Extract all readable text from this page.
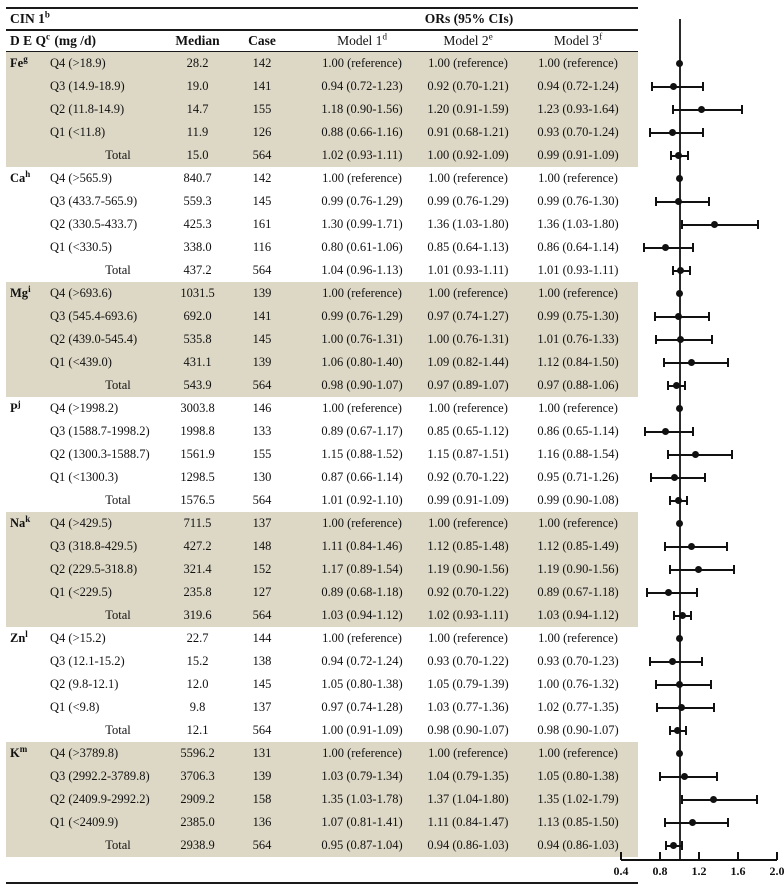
CIN 1$^b$	ORs (95% CIs)
D E $Q^c$ (mg /d)	Median	Case	Model 1$^d$	Model 2e	Model 3$^f$
Fe$^g$	Q4 (>18.9)	28.2	142	1.00 (reference)	1.00 (reference)	1.00 (reference)
Q3 (14.9-18.9)	19.0	141	0.94 (0.72-1.23)	0.92 (0.70-1.21)	0.94 (0.72-1.24)
Q2 (11.8-14.9)	14.7	155	1.18 (0.90-1.56)	1.20 (0.91-1.59)	1.23 (0.93-1.64)
Q1 (<11.8)	11.9	126	0.88 (0.66-1.16)	0.91 (0.68-1.21)	0.93 (0.70-1.24)
Total	15.0	564	1.02 (0.93-1.11)	1.00 (0.92-1.09)	0.99 (0.91-1.09)
Ca$^h$	Q4 (>565.9)	840.7	142	1.00 (reference)	1.00 (reference)	1.00 (reference)
Q3 (433.7-565.9)	559.3	145	0.99 (0.76-1.29)	0.99 (0.76-1.29)	0.99 (0.76-1.30)
Q2 (330.5-433.7)	425.3	161	1.30 (0.99-1.71)	1.36 (1.03-1.80)	1.36 (1.03-1.80)
Q1 (<330.5)	338.0	116	0.80 (0.61-1.06)	0.85 (0.64-1.13)	0.86 (0.64-1.14)
Total	437.2	564	1.04 (0.96-1.13)	1.01 (0.93-1.11)	1.01 (0.93-1.11)
Mg$^i$	Q4 (>693.6)	1031.5	139	1.00 (reference)	1.00 (reference)	1.00 (reference)
Q3 (545.4-693.6)	692.0	141	0.99 (0.76-1.29)	0.97 (0.74-1.27)	0.99 (0.75-1.30)
Q2 (439.0-545.4)	535.8	145	1.00 (0.76-1.31)	1.00 (0.76-1.31)	1.01 (0.76-1.33)
Q1 (<439.0)	431.1	139	1.06 (0.80-1.40)	1.09 (0.82-1.44)	1.12 (0.84-1.50)
Total	543.9	564	0.98 (0.90-1.07)	0.97 (0.89-1.07)	0.97 (0.88-1.06)
$P^j$	Q4 (>1998.2)	3003.8	146	1.00 (reference)	1.00 (reference)	1.00 (reference)
Q3 (1588.7-1998.2)	1998.8	133	0.89 (0.67-1.17)	0.85 (0.65-1.12)	0.86 (0.65-1.14)
Q2 (1300.3-1588.7)	1561.9	155	1.15 (0.88-1.52)	1.15 (0.87-1.51)	1.16 (0.88-1.54)
Q1 (<1300.3)	1298.5	130	0.87 (0.66-1.14)	0.92 (0.70-1.22)	0.95 (0.71-1.26)
Total	1576.5	564	1.01 (0.92-1.10)	0.99 (0.91-1.09)	0.99 (0.90-1.08)
Na$^k$	Q4 (>429.5)	711.5	137	1.00 (reference)	1.00 (reference)	1.00 (reference)
Q3 (318.8-429.5)	427.2	148	1.11 (0.84-1.46)	1.12 (0.85-1.48)	1.12 (0.85-1.49)
Q2 (229.5-318.8)	321.4	152	1.17 (0.89-1.54)	1.19 (0.90-1.56)	1.19 (0.90-1.56)
Q1 (<229.5)	235.8	127	0.89 (0.68-1.18)	0.92 (0.70-1.22)	0.89 (0.67-1.18)
Total	319.6	564	1.03 (0.94-1.12)	1.02 (0.93-1.11)	1.03 (0.94-1.12)
Zn$^l$	Q4 (>15.2)	22.7	144	1.00 (reference)	1.00 (reference)	1.00 (reference)
Q3 (12.1-15.2)	15.2	138	0.94 (0.72-1.24)	0.93 (0.70-1.22)	0.93 (0.70-1.23)
Q2 (9.8-12.1)	12.0	145	1.05 (0.80-1.38)	1.05 (0.79-1.39)	1.00 (0.76-1.32)
Q1 (<9.8)	9.8	137	0.97 (0.74-1.28)	1.03 (0.77-1.36)	1.02 (0.77-1.35)
Total	12.1	564	1.00 (0.91-1.09)	0.98 (0.90-1.07)	0.98 (0.90-1.07)
$K^m$	Q4 (>3789.8)	5596.2	131	1.00 (reference)	1.00 (reference)	1.00 (reference)
Q3 (2992.2-3789.8)	3706.3	139	1.03 (0.79-1.34)	1.04 (0.79-1.35)	1.05 (0.80-1.38)
Q2 (2409.9-2992.2)	2909.2	158	1.35 (1.03-1.78)	1.37 (1.04-1.80)	1.35 (1.02-1.79)
Q1 (<2409.9)	2385.0	136	1.07 (0.81-1.41)	1.11 (0.84-1.47)	1.13 (0.85-1.50)
Total	2938.9	564	0.95 (0.87-1.04)	0.94 (0.86-1.03)	0.94 (0.86-1.03)
0.4	0.8	1.2	1.6	2.0
